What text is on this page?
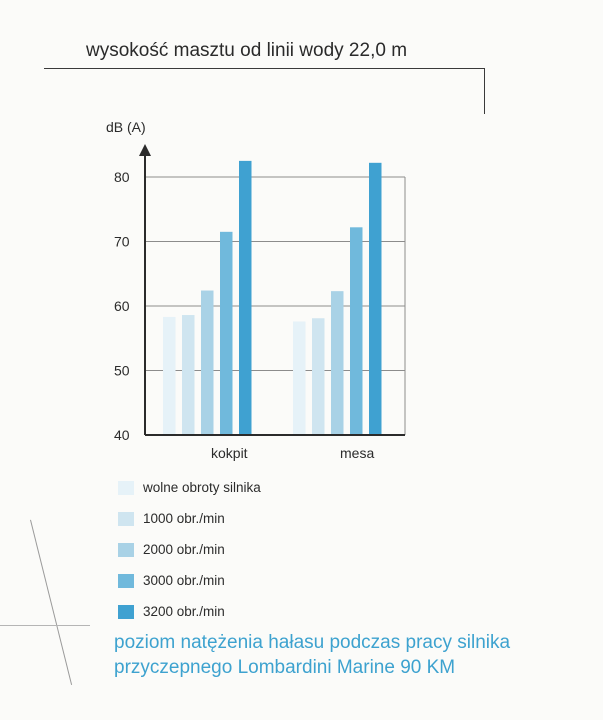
wysokość masztu od linii wody 22,0 m
dB (A)
40
50
60
70
80
kokpit	mesa
wolne obroty silnika
1000 obr./min
2000 obr./min
3000 obr./min
3200 obr./min
poziom natężenia hałasu podczas pracy silnika
przyczepnego Lombardini Marine 90 KM
